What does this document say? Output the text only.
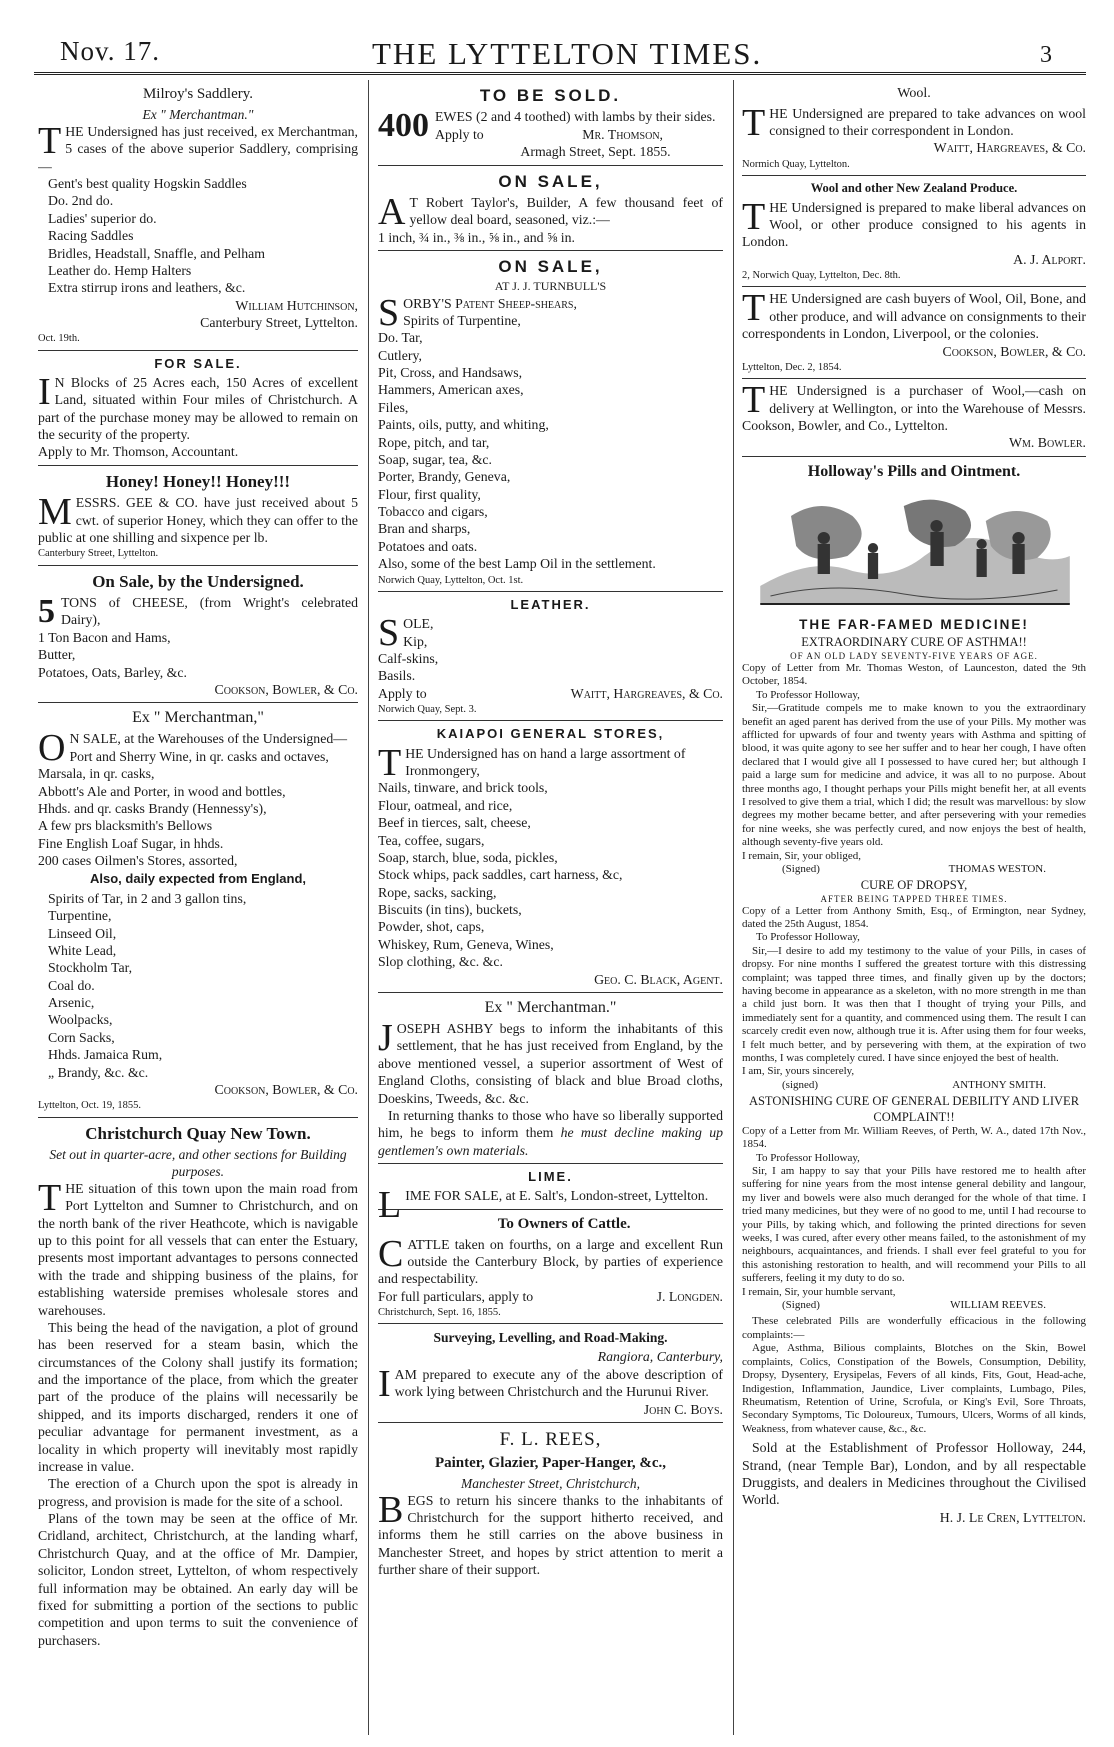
Nov. 17.	THE LYTTELTON TIMES.	3
Milroy's Saddlery.
Ex " Merchantman."

THE Undersigned has just received, ex Merchantman, 5 cases of the above superior Saddlery, comprising—

Gent's best quality Hogskin Saddles
Do. 2nd do.
Ladies' superior do.
Racing Saddles
Bridles, Headstall, Snaffle, and Pelham
Leather do. Hemp Halters
Extra stirrup irons and leathers, &c.
William Hutchinson,
Canterbury Street, Lyttelton.
Oct. 19th.
FOR SALE.

I N Blocks of 25 Acres each, 150 Acres of excellent Land, situated within Four miles of Christchurch. A part of the purchase money may be allowed to remain on the security of the property.

Apply to Mr. Thomson, Accountant.

Honey! Honey!! Honey!!!

MESSRS. GEE & CO. have just received about 5 cwt. of superior Honey, which they can offer to the public at one shilling and sixpence per lb.

Canterbury Street, Lyttelton.
On Sale, by the Undersigned.

5 TONS of CHEESE, (from Wright's celebrated Dairy),

1 Ton Bacon and Hams,
Butter,
Potatoes, Oats, Barley, &c.
Cookson, Bowler, & Co.
Ex " Merchantman,"

O N SALE, at the Warehouses of the Undersigned—

Port and Sherry Wine, in qr. casks and octaves,
Marsala, in qr. casks,
Abbott's Ale and Porter, in wood and bottles,
Hhds. and qr. casks Brandy (Hennessy's),
A few prs blacksmith's Bellows
Fine English Loaf Sugar, in hhds.
200 cases Oilmen's Stores, assorted,
Also, daily expected from England,
Spirits of Tar, in 2 and 3 gallon tins,
Turpentine,
Linseed Oil,
White Lead,
Stockholm Tar,
Coal do.
Arsenic,
Woolpacks,
Corn Sacks,
Hhds. Jamaica Rum,
„ Brandy, &c. &c.
Cookson, Bowler, & Co.
Lyttelton, Oct. 19, 1855.
Christchurch Quay New Town.
Set out in quarter-acre, and other sections for Building purposes.

THE situation of this town upon the main road from Port Lyttelton and Sumner to Christchurch, and on the north bank of the river Heathcote, which is navigable up to this point for all vessels that can enter the Estuary, presents most important advantages to persons connected with the trade and shipping business of the plains, for establishing waterside premises wholesale stores and warehouses.

This being the head of the navigation, a plot of ground has been reserved for a steam basin, which the circumstances of the Colony shall justify its formation; and the importance of the place, from which the greater part of the produce of the plains will necessarily be shipped, and its imports discharged, renders it one of peculiar advantage for permanent investment, as a locality in which property will inevitably most rapidly increase in value.

The erection of a Church upon the spot is already in progress, and provision is made for the site of a school.

Plans of the town may be seen at the office of Mr. Cridland, architect, Christchurch, at the landing wharf, Christchurch Quay, and at the office of Mr. Dampier, solicitor, London street, Lyttelton, of whom respectively full information may be obtained. An early day will be fixed for submitting a portion of the sections to public competition and upon terms to suit the convenience of purchasers.

TO BE SOLD.

400 EWES (2 and 4 toothed) with lambs by their sides.

Apply to	Mr. Thomson,
Armagh Street, Sept. 1855.
ON SALE,

A T Robert Taylor's, Builder, A few thousand feet of yellow deal board, seasoned, viz.:—

1 inch, ¾ in., ⅜ in., ⅝ in., and ⅝ in.

ON SALE,
AT J. J. TURNBULL'S

SORBY'S Patent Sheep-shears,

Spirits of Turpentine,
Do. Tar,
Cutlery,
Pit, Cross, and Handsaws,
Hammers, American axes,
Files,
Paints, oils, putty, and whiting,
Rope, pitch, and tar,
Soap, sugar, tea, &c.
Porter, Brandy, Geneva,
Flour, first quality,
Tobacco and cigars,
Bran and sharps,
Potatoes and oats.
Also, some of the best Lamp Oil in the settlement.
Norwich Quay, Lyttelton, Oct. 1st.
LEATHER.

SOLE,

Kip,
Calf-skins,
Basils.
Apply to	Waitt, Hargreaves, & Co.
Norwich Quay, Sept. 3.
KAIAPOI GENERAL STORES,

THE Undersigned has on hand a large assortment of

Ironmongery,
Nails, tinware, and brick tools,
Flour, oatmeal, and rice,
Beef in tierces, salt, cheese,
Tea, coffee, sugars,
Soap, starch, blue, soda, pickles,
Stock whips, pack saddles, cart harness, &c,
Rope, sacks, sacking,
Biscuits (in tins), buckets,
Powder, shot, caps,
Whiskey, Rum, Geneva, Wines,
Slop clothing, &c. &c.
Geo. C. Black, Agent.
Ex " Merchantman."

JOSEPH ASHBY begs to inform the inhabitants of this settlement, that he has just received from England, by the above mentioned vessel, a superior assortment of West of England Cloths, consisting of black and blue Broad cloths, Doeskins, Tweeds, &c. &c.

In returning thanks to those who have so liberally supported him, he begs to inform them he must decline making up gentlemen's own materials.

LIME.

LIME FOR SALE, at E. Salt's, London-street, Lyttelton.

To Owners of Cattle.

CATTLE taken on fourths, on a large and excellent Run outside the Canterbury Block, by parties of experience and respectability.

For full particulars, apply to	J. Longden.
Christchurch, Sept. 16, 1855.
Surveying, Levelling, and Road-Making.
Rangiora, Canterbury,

IAM prepared to execute any of the above description of work lying between Christchurch and the Hurunui River.

John C. Boys.
F. L. REES,
Painter, Glazier, Paper-Hanger, &c.,
Manchester Street, Christchurch,

BEGS to return his sincere thanks to the inhabitants of Christchurch for the support hitherto received, and informs them he still carries on the above business in Manchester Street, and hopes by strict attention to merit a further share of their support.

Wool.

THE Undersigned are prepared to take advances on wool consigned to their correspondent in London.

Waitt, Hargreaves, & Co.
Normich Quay, Lyttelton.
Wool and other New Zealand Produce.

THE Undersigned is prepared to make liberal advances on Wool, or other produce consigned to his agents in London.

A. J. Alport.
2, Norwich Quay, Lyttelton, Dec. 8th.

THE Undersigned are cash buyers of Wool, Oil, Bone, and other produce, and will advance on consignments to their correspondents in London, Liverpool, or the colonies.

Cookson, Bowler, & Co.
Lyttelton, Dec. 2, 1854.

THE Undersigned is a purchaser of Wool,—cash on delivery at Wellington, or into the Warehouse of Messrs. Cookson, Bowler, and Co., Lyttelton.

Wm. Bowler.
Holloway's Pills and Ointment.
THE FAR-FAMED MEDICINE!
EXTRAORDINARY CURE OF ASTHMA!!
OF AN OLD LADY SEVENTY-FIVE YEARS OF AGE.

Copy of Letter from Mr. Thomas Weston, of Launceston, dated the 9th October, 1854.

To Professor Holloway,

Sir,—Gratitude compels me to make known to you the extraordinary benefit an aged parent has derived from the use of your Pills. My mother was afflicted for upwards of four and twenty years with Asthma and spitting of blood, it was quite agony to see her suffer and to hear her cough, I have often declared that I would give all I possessed to have cured her; but although I paid a large sum for medicine and advice, it was all to no purpose. About three months ago, I thought perhaps your Pills might benefit her, at all events I resolved to give them a trial, which I did; the result was marvellous: by slow degrees my mother became better, and after persevering with your remedies for nine weeks, she was perfectly cured, and now enjoys the best of health, although seventy-five years old.

I remain, Sir, your obliged,

(Signed)	THOMAS WESTON.
CURE OF DROPSY,
AFTER BEING TAPPED THREE TIMES.

Copy of a Letter from Anthony Smith, Esq., of Ermington, near Sydney, dated the 25th August, 1854.

To Professor Holloway,

Sir,—I desire to add my testimony to the value of your Pills, in cases of dropsy. For nine months I suffered the greatest torture with this distressing complaint; was tapped three times, and finally given up by the doctors; having become in appearance as a skeleton, with no more strength in me than a child just born. It was then that I thought of trying your Pills, and immediately sent for a quantity, and commenced using them. The result I can scarcely credit even now, although true it is. After using them for four weeks, I felt much better, and by persevering with them, at the expiration of two months, I was completely cured. I have since enjoyed the best of health.

I am, Sir, yours sincerely,

(signed)	ANTHONY SMITH.
ASTONISHING CURE OF GENERAL DEBILITY AND LIVER COMPLAINT!!

Copy of a Letter from Mr. William Reeves, of Perth, W. A., dated 17th Nov., 1854.

To Professor Holloway,

Sir, I am happy to say that your Pills have restored me to health after suffering for nine years from the most intense general debility and langour, my liver and bowels were also much deranged for the whole of that time. I tried many medicines, but they were of no good to me, until I had recourse to your Pills, by taking which, and following the printed directions for seven weeks, I was cured, after every other means failed, to the astonishment of my neighbours, acquaintances, and friends. I shall ever feel grateful to you for this astonishing restoration to health, and will recommend your Pills to all sufferers, feeling it my duty to do so.

I remain, Sir, your humble servant,

(Signed)	WILLIAM REEVES.

These celebrated Pills are wonderfully efficacious in the following complaints:—

Ague, Asthma, Bilious complaints, Blotches on the Skin, Bowel complaints, Colics, Constipation of the Bowels, Consumption, Debility, Dropsy, Dysentery, Erysipelas, Fevers of all kinds, Fits, Gout, Head-ache, Indigestion, Inflammation, Jaundice, Liver complaints, Lumbago, Piles, Rheumatism, Retention of Urine, Scrofula, or King's Evil, Sore Throats, Secondary Symptoms, Tic Doloureux, Tumours, Ulcers, Worms of all kinds, Weakness, from whatever cause, &c., &c.

Sold at the Establishment of Professor Holloway, 244, Strand, (near Temple Bar), London, and by all respectable Druggists, and dealers in Medicines throughout the Civilised World.

H. J. Le Cren, Lyttelton.
